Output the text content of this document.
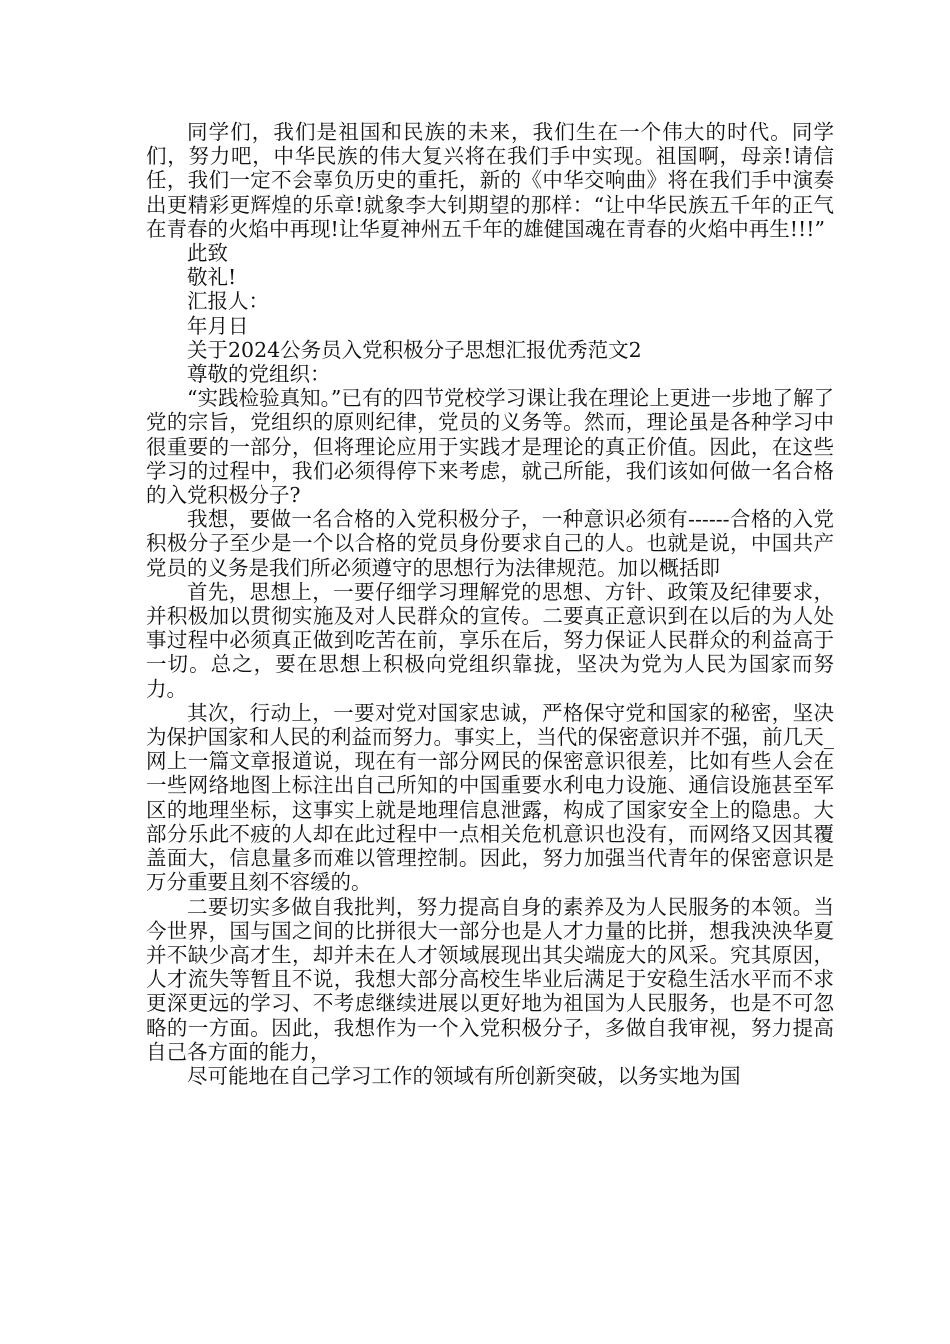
同学们，我们是祖国和民族的未来，我们生在一个伟大的时代。同学们，努力吧，中华民族的伟大复兴将在我们手中实现。祖国啊，母亲!请信任，我们一定不会辜负历史的重托，新的《中华交响曲》将在我们手中演奏出更精彩更辉煌的乐章!就象李大钊期望的那样：“让中华民族五千年的正气在青春的火焰中再现!让华夏神州五千年的雄健国魂在青春的火焰中再生!!!”

此致

敬礼!

汇报人：

年月日

关于2024公务员入党积极分子思想汇报优秀范文2

尊敬的党组织：

“实践检验真知。”已有的四节党校学习课让我在理论上更进一步地了解了党的宗旨，党组织的原则纪律，党员的义务等。然而，理论虽是各种学习中很重要的一部分，但将理论应用于实践才是理论的真正价值。因此，在这些学习的过程中，我们必须得停下来考虑，就己所能，我们该如何做一名合格的入党积极分子?

我想，要做一名合格的入党积极分子，一种意识必须有------合格的入党积极分子至少是一个以合格的党员身份要求自己的人。也就是说，中国共产党员的义务是我们所必须遵守的思想行为法律规范。加以概括即

首先，思想上，一要仔细学习理解党的思想、方针、政策及纪律要求，并积极加以贯彻实施及对人民群众的宣传。二要真正意识到在以后的为人处事过程中必须真正做到吃苦在前，享乐在后，努力保证人民群众的利益高于一切。总之，要在思想上积极向党组织靠拢，坚决为党为人民为国家而努力。

其次，行动上，一要对党对国家忠诚，严格保守党和国家的秘密，坚决为保护国家和人民的利益而努力。事实上，当代的保密意识并不强，前几天_网上一篇文章报道说，现在有一部分网民的保密意识很差，比如有些人会在一些网络地图上标注出自己所知的中国重要水利电力设施、通信设施甚至军区的地理坐标，这事实上就是地理信息泄露，构成了国家安全上的隐患。大部分乐此不疲的人却在此过程中一点相关危机意识也没有，而网络又因其覆盖面大，信息量多而难以管理控制。因此，努力加强当代青年的保密意识是万分重要且刻不容缓的。

二要切实多做自我批判，努力提高自身的素养及为人民服务的本领。当今世界，国与国之间的比拼很大一部分也是人才力量的比拼，想我泱泱华夏并不缺少高才生，却并未在人才领域展现出其尖端庞大的风采。究其原因，人才流失等暂且不说，我想大部分高校生毕业后满足于安稳生活水平而不求更深更远的学习、不考虑继续进展以更好地为祖国为人民服务，也是不可忽略的一方面。因此，我想作为一个入党积极分子，多做自我审视，努力提高自己各方面的能力，

尽可能地在自己学习工作的领域有所创新突破，以务实地为国
